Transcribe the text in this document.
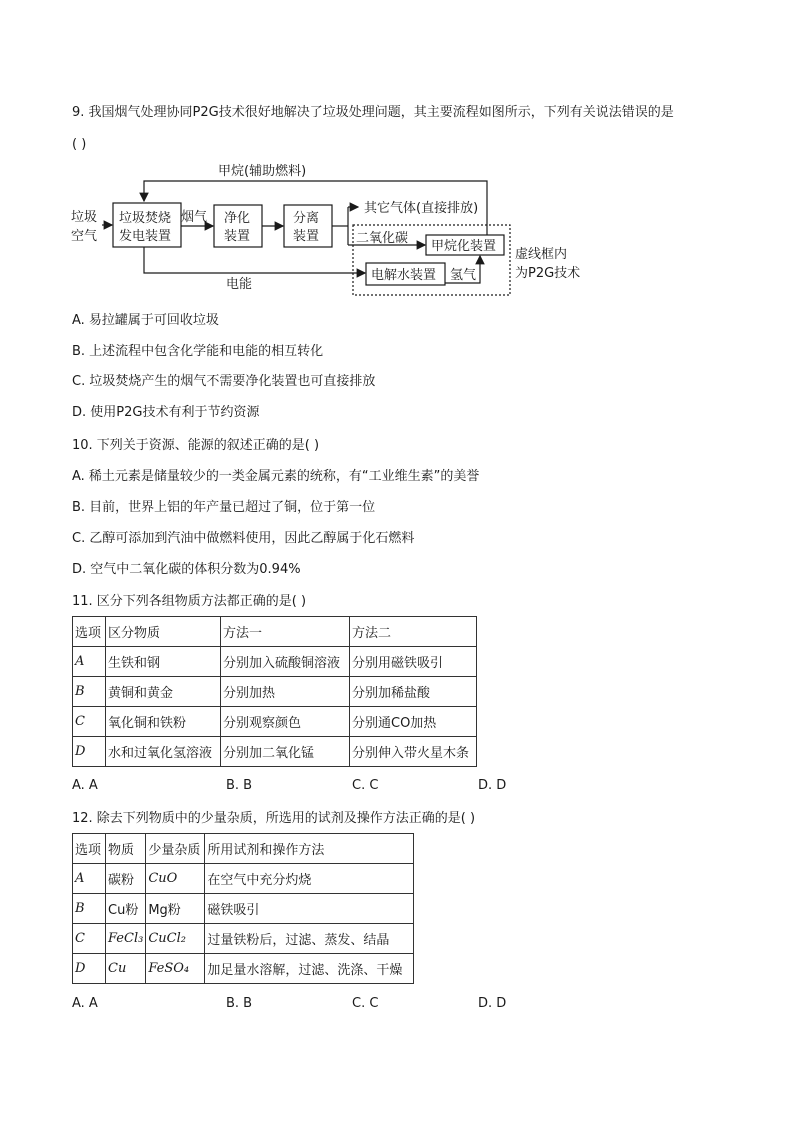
9. 我国烟气处理协同P2G技术很好地解决了垃圾处理问题，其主要流程如图所示，下列有关说法错误的是
( )
甲烷(辅助燃料)
垃圾
空气
垃圾焚烧
发电装置
烟气 净化
装置
分离
装置
其它气体(直接排放)
二氧化碳
甲烷化装置
电能
电解水装置 氢气
虚线框内
为P2G技术
A. 易拉罐属于可回收垃圾
B. 上述流程中包含化学能和电能的相互转化
C. 垃圾焚烧产生的烟气不需要净化装置也可直接排放
D. 使用P2G技术有利于节约资源
10. 下列关于资源、能源的叙述正确的是( )
A. 稀土元素是储量较少的一类金属元素的统称，有“工业维生素”的美誉
B. 目前，世界上铝的年产量已超过了铜，位于第一位
C. 乙醇可添加到汽油中做燃料使用，因此乙醇属于化石燃料
D. 空气中二氧化碳的体积分数为0.94%
11. 区分下列各组物质方法都正确的是( )
选项	区分物质	方法一	方法二
A	生铁和钢	分别加入硫酸铜溶液	分别用磁铁吸引
B	黄铜和黄金	分别加热	分别加稀盐酸
C	氧化铜和铁粉	分别观察颜色	分别通CO加热
D	水和过氧化氢溶液	分别加二氧化锰	分别伸入带火星木条
A. A	B. B	C. C	D. D
12. 除去下列物质中的少量杂质，所选用的试剂及操作方法正确的是( )
选项	物质	少量杂质	所用试剂和操作方法
A	碳粉	CuO	在空气中充分灼烧
B	Cu粉	Mg粉	磁铁吸引
C	FeCl₃	CuCl₂	过量铁粉后，过滤、蒸发、结晶
D	Cu	FeSO₄	加足量水溶解，过滤、洗涤、干燥
A. A	B. B	C. C	D. D
